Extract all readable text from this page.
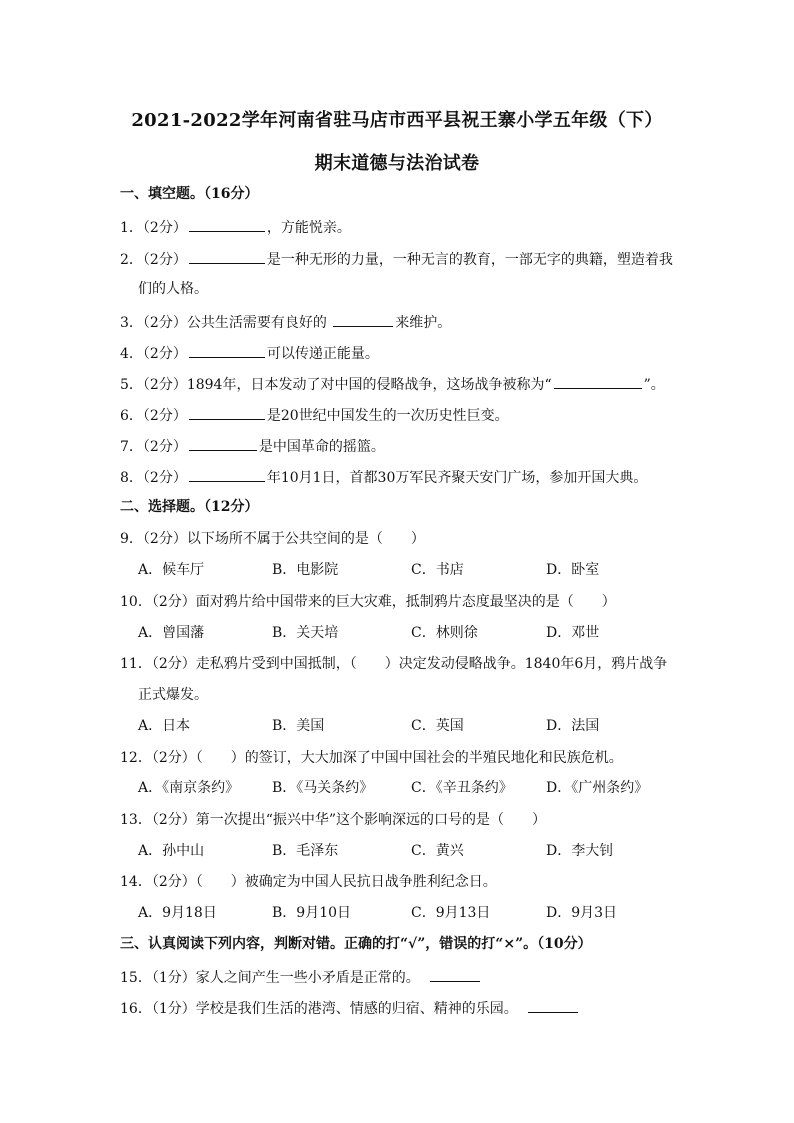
2021-2022学年河南省驻马店市西平县祝王寨小学五年级（下）
期末道德与法治试卷
一、填空题。（16分）
1．（2分）	，方能悦亲。
2．（2分）	是一种无形的力量，一种无言的教育，一部无字的典籍，塑造着我
们的人格。
3．（2分）公共生活需要有良好的	来维护。
4．（2分）	可以传递正能量。
5．（2分）1894年，日本发动了对中国的侵略战争，这场战争被称为“	”。
6．（2分）	是20世纪中国发生的一次历史性巨变。
7．（2分）	是中国革命的摇篮。
8．（2分）	年10月1日，首都30万军民齐聚天安门广场，参加开国大典。
二、选择题。（12分）
9．（2分）以下场所不属于公共空间的是（　　）
A．候车厅	B．电影院	C．书店	D．卧室
10．（2分）面对鸦片给中国带来的巨大灾难，抵制鸦片态度最坚决的是（　　）
A．曾国藩	B．关天培	C．林则徐	D．邓世
11．（2分）走私鸦片受到中国抵制，（　　）决定发动侵略战争。1840年6月，鸦片战争
正式爆发。
A．日本	B．美国	C．英国	D．法国
12．（2分）（　　）的签订，大大加深了中国中国社会的半殖民地化和民族危机。
A．《南京条约》 B．《马关条约》	C．《辛丑条约》 D．《广州条约》
13．（2分）第一次提出“振兴中华”这个影响深远的口号的是（　　）
A．孙中山	B．毛泽东	C．黄兴	D．李大钊
14．（2分）（　　）被确定为中国人民抗日战争胜利纪念日。
A．9月18日	B．9月10日	C．9月13日	D．9月3日
三、认真阅读下列内容，判断对错。正确的打“√”，错误的打“×”。（10分）
15．（1分）家人之间产生一些小矛盾是正常的。
16．（1分）学校是我们生活的港湾、情感的归宿、精神的乐园。
